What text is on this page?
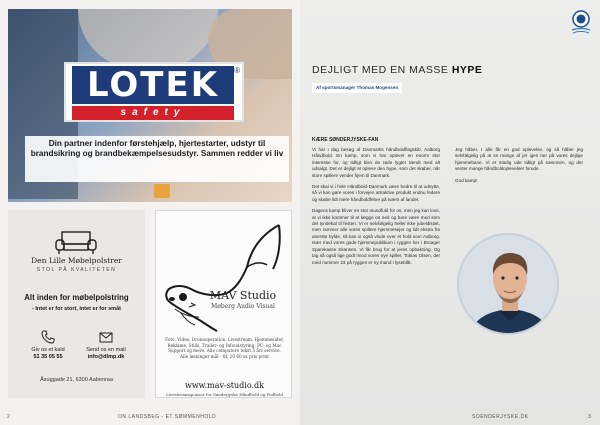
LOTEK	®
safety
Din partner indenfor førstehjælp, hjertestarter, udstyr til brandsikring og brandbekæmpelsesudstyr. Sammen redder vi liv
Den Lille Møbelpolstrer
STOL PÅ KVALITETEN
Alt inden for møbelpolstring
- Intet er for stort, intet er for småt
Giv os et kald
51 35 05 55
Send os en mail
info@dlmp.dk
Åsuggade 21, 6300 Aabenraa
MAV Studio
Møberg Audio Visual
Foto, Video, Dronooperation, Livestream, Hjemmesider, Reklame, Stills, Trailer- og Infoudstyring, PC- og Mac Support og mere. Alle computere tekst 5 års service. Alle løsninger mål · tlf. 20 60 xx pris print
www.mav-studio.dk
Livestreamsponsor for Sønderjyske Håndbold og Fodbold
2	ON LANDSBEG - ET SØMMENHOLD
DEJLIGT MED EN MASSE HYPE
Af sportsmanager Thomas Mogensen
KÆRE SØNDERJYSKE-FAN

Vi har i dag besøg af Danmarks håndboldflagskib, Aalborg Håndbold. En kamp, som vi har oplevet en enorm stor interesse for, og tidligt blev de røde lygter tændt med alt udsalgt. Det er dejligt at opleve den hype, som det skaber, når store spillere vender hjem til Danmark.

Det skal vi i hele Håndbold-Danmark være bedre til at udnytte, så vi kan gøre vores i forvejen attraktive produkt endnu federe og skabe lidt mere håndboldfeber på tværs af landet.

Dagens kamp bliver en stor mundfuld for os, men jeg kan love, at vi ikke kommer til at lægge os ned og bare være med som del tyndekal til festen. Vi er selvfølgelig heller ikke jubeldistiet, men rammer alle vores spillere hjemmesejer og lidt ekstra fra øverste hylde, så kan vi også vinde over et hold som Aalborg. Især med vores gode hjemmepublikum i ryggen her i Broager Sparekasse Skansen. Vi får brug for at jeres opbakning. Og tag så også lige godt imod vores nye spiller, Tobias Olsen, der med nummer 23 på ryggen er ny mand i lyseblåt.

Jeg håber, I alle får en god oplevelse, og så håber jeg selvfølgelig på at se mange af jer igen her på vores dejlige hjemmebane. Vi er stadig ude tidligt på sæsonen, og der venter mange håndboldoplevelser forude.

God kamp!

SOENDERJYSKE.DK	3
